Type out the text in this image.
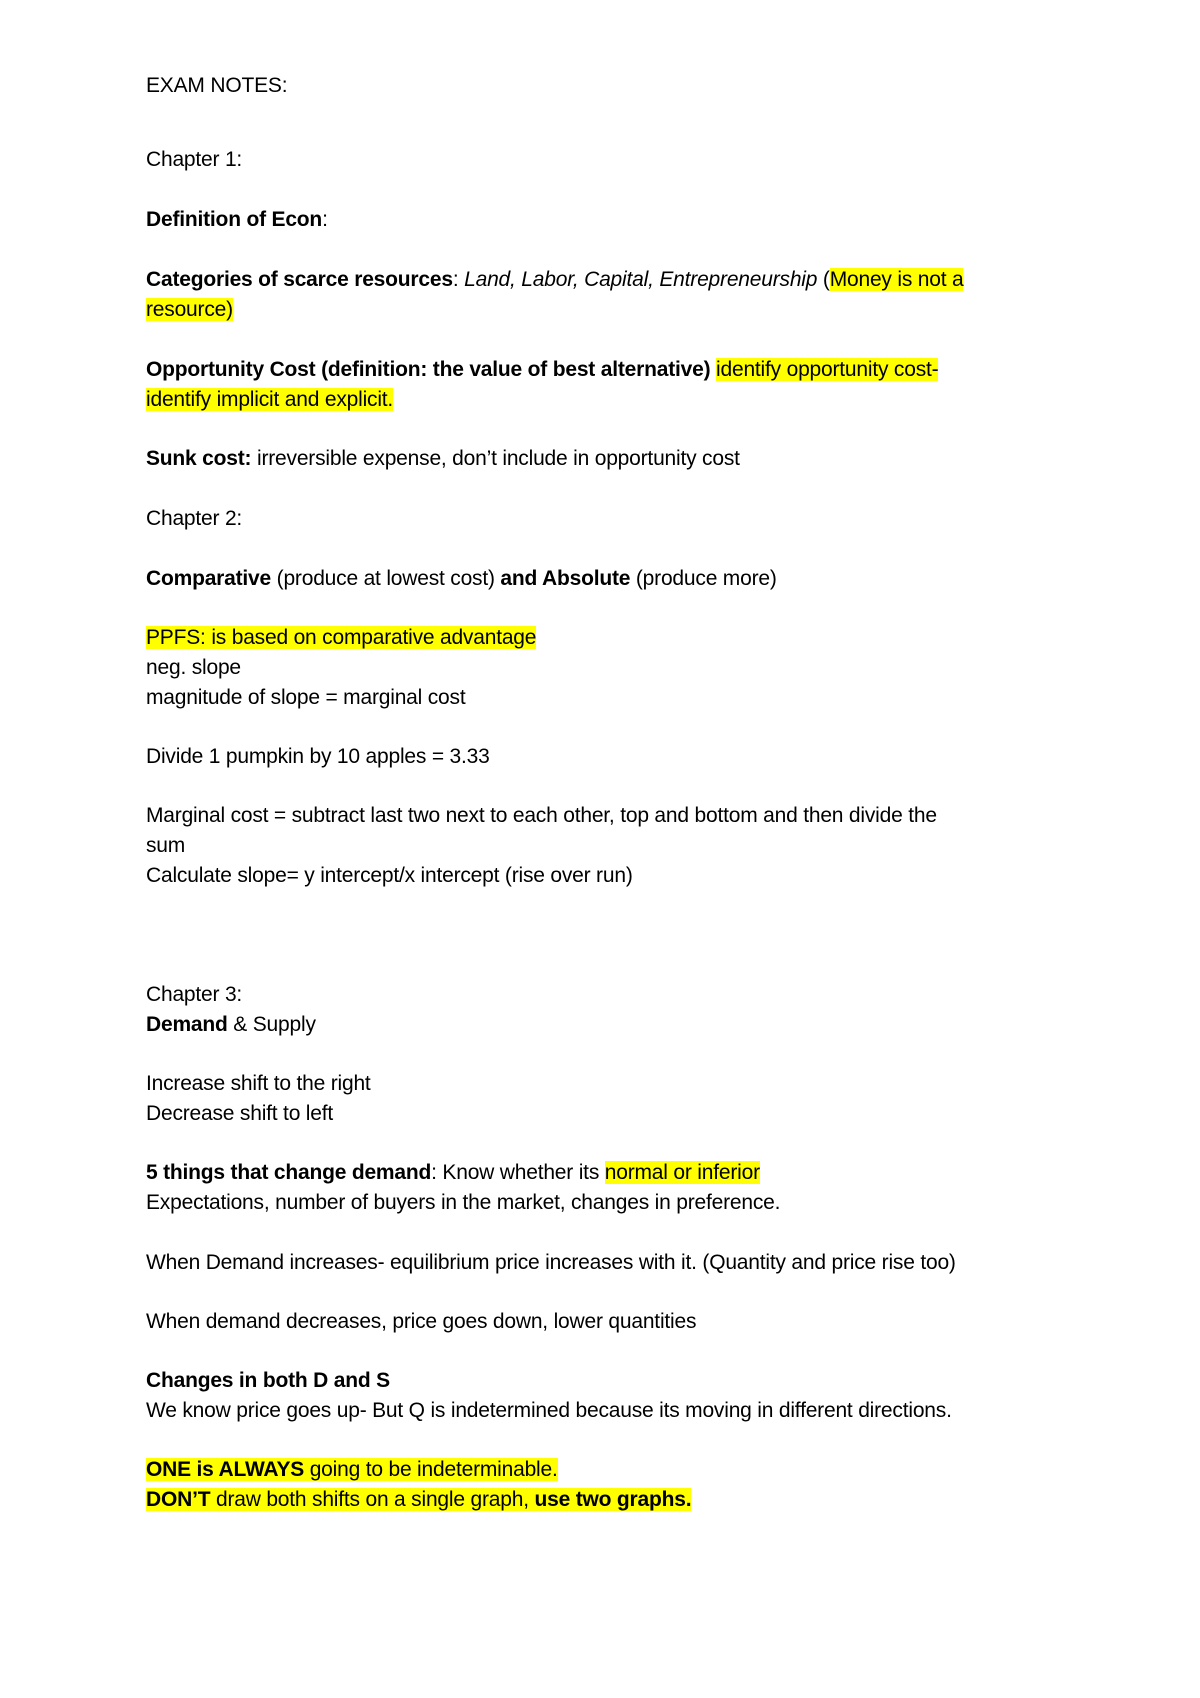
EXAM NOTES:
Chapter 1:
Definition of Econ:
Categories of scarce resources: Land, Labor, Capital, Entrepreneurship (Money is not a
resource)
Opportunity Cost (definition: the value of best alternative) identify opportunity cost-
identify implicit and explicit.
Sunk cost: irreversible expense, don’t include in opportunity cost
Chapter 2:
Comparative (produce at lowest cost) and Absolute (produce more)
PPFS: is based on comparative advantage
neg. slope
magnitude of slope = marginal cost
Divide 1 pumpkin by 10 apples = 3.33
Marginal cost = subtract last two next to each other, top and bottom and then divide the
sum
Calculate slope= y intercept/x intercept (rise over run)
Chapter 3:
Demand & Supply
Increase shift to the right
Decrease shift to left
5 things that change demand: Know whether its normal or inferior
Expectations, number of buyers in the market, changes in preference.
When Demand increases- equilibrium price increases with it. (Quantity and price rise too)
When demand decreases, price goes down, lower quantities
Changes in both D and S
We know price goes up- But Q is indetermined because its moving in different directions.
ONE is ALWAYS going to be indeterminable.
DON’T draw both shifts on a single graph, use two graphs.
